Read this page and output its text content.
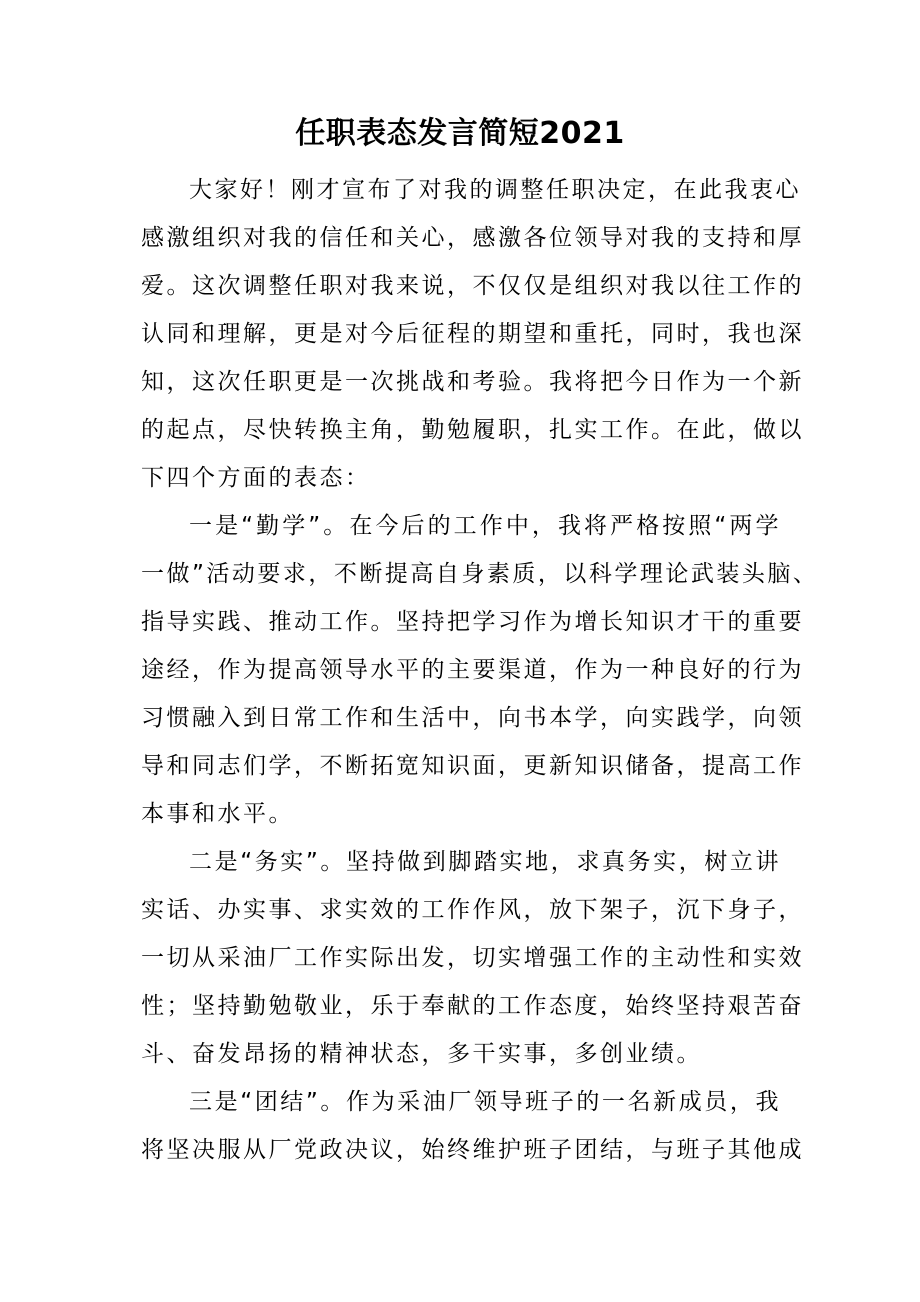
任职表态发言简短2021
大家好！刚才宣布了对我的调整任职决定，在此我衷心
感激组织对我的信任和关心，感激各位领导对我的支持和厚
爱。这次调整任职对我来说，不仅仅是组织对我以往工作的
认同和理解，更是对今后征程的期望和重托，同时，我也深
知，这次任职更是一次挑战和考验。我将把今日作为一个新
的起点，尽快转换主角，勤勉履职，扎实工作。在此，做以
下四个方面的表态：
一是“勤学”。在今后的工作中，我将严格按照“两学
一做”活动要求，不断提高自身素质，以科学理论武装头脑、
指导实践、推动工作。坚持把学习作为增长知识才干的重要
途经，作为提高领导水平的主要渠道，作为一种良好的行为
习惯融入到日常工作和生活中，向书本学，向实践学，向领
导和同志们学，不断拓宽知识面，更新知识储备，提高工作
本事和水平。
二是“务实”。坚持做到脚踏实地，求真务实，树立讲
实话、办实事、求实效的工作作风，放下架子，沉下身子，
一切从采油厂工作实际出发，切实增强工作的主动性和实效
性；坚持勤勉敬业，乐于奉献的工作态度，始终坚持艰苦奋
斗、奋发昂扬的精神状态，多干实事，多创业绩。
三是“团结”。作为采油厂领导班子的一名新成员，我
将坚决服从厂党政决议，始终维护班子团结，与班子其他成
